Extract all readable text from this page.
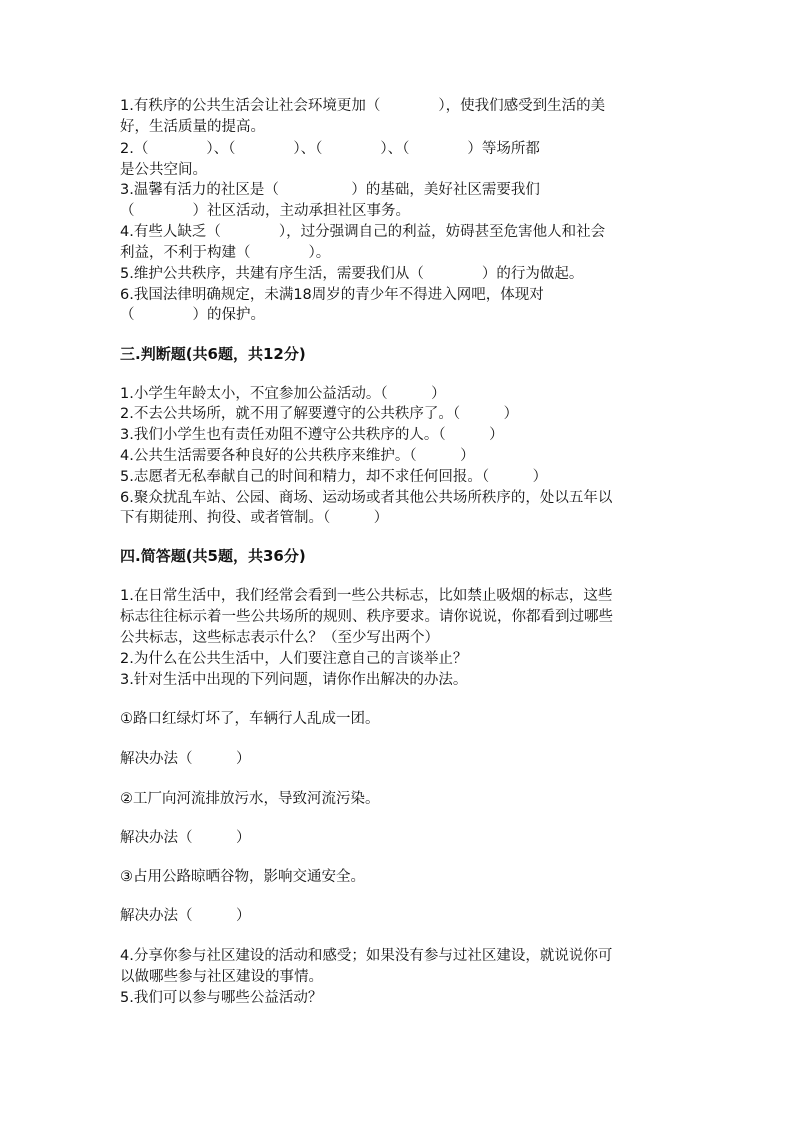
1.有秩序的公共生活会让社会环境更加（　　　　），使我们感受到生活的美

好，生活质量的提高。

2.（　　　　）、（　　　　）、（　　　　）、（　　　　）等场所都

是公共空间。

3.温馨有活力的社区是（　　　　　）的基础，美好社区需要我们

（　　　　）社区活动，主动承担社区事务。

4.有些人缺乏（　　　　），过分强调自己的利益，妨碍甚至危害他人和社会

利益，不利于构建（　　　　）。

5.维护公共秩序，共建有序生活，需要我们从（　　　　）的行为做起。

6.我国法律明确规定，未满18周岁的青少年不得进入网吧，体现对

（　　　　）的保护。

三.判断题(共6题，共12分)

1.小学生年龄太小，不宜参加公益活动。（　　　）

2.不去公共场所，就不用了解要遵守的公共秩序了。（　　　）

3.我们小学生也有责任劝阻不遵守公共秩序的人。（　　　）

4.公共生活需要各种良好的公共秩序来维护。（　　　）

5.志愿者无私奉献自己的时间和精力，却不求任何回报。（　　　）

6.聚众扰乱车站、公园、商场、运动场或者其他公共场所秩序的，处以五年以

下有期徒刑、拘役、或者管制。（　　　）

四.简答题(共5题，共36分)

1.在日常生活中，我们经常会看到一些公共标志，比如禁止吸烟的标志，这些

标志往往标示着一些公共场所的规则、秩序要求。请你说说，你都看到过哪些

公共标志，这些标志表示什么？（至少写出两个）

2.为什么在公共生活中，人们要注意自己的言谈举止？

3.针对生活中出现的下列问题，请你作出解决的办法。

①路口红绿灯坏了，车辆行人乱成一团。

解决办法（　　　）

②工厂向河流排放污水，导致河流污染。

解决办法（　　　）

③占用公路晾晒谷物，影响交通安全。

解决办法（　　　）

4.分享你参与社区建设的活动和感受；如果没有参与过社区建设，就说说你可

以做哪些参与社区建设的事情。

5.我们可以参与哪些公益活动？
